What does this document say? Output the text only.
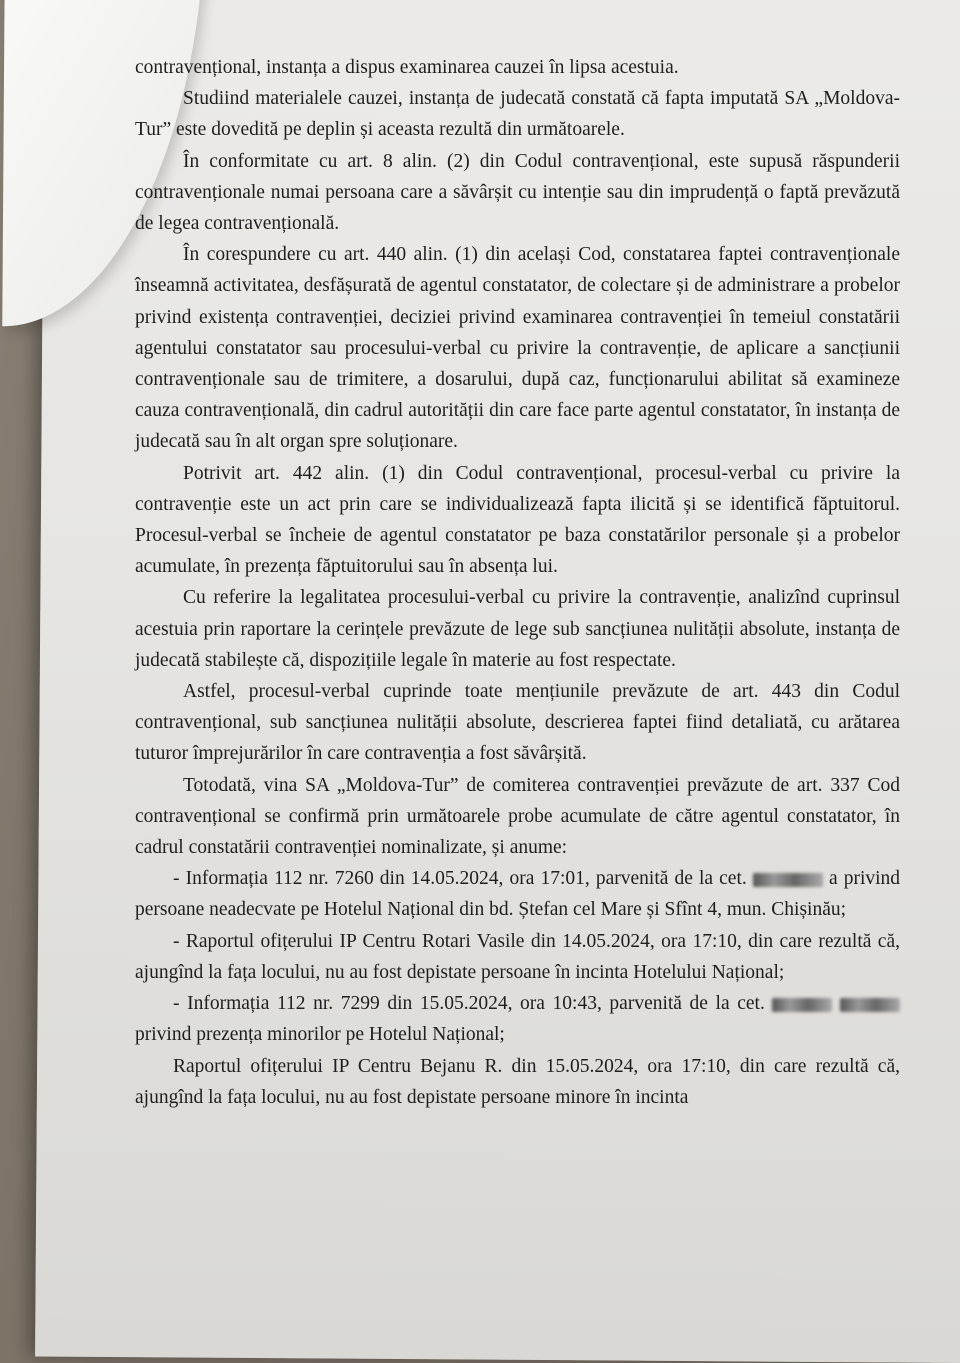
contravențional, instanța a dispus examinarea cauzei în lipsa acestuia.

Studiind materialele cauzei, instanța de judecată constată că fapta imputată SA „Moldova-Tur” este dovedită pe deplin și aceasta rezultă din următoarele.

În conformitate cu art. 8 alin. (2) din Codul contravențional, este supusă răspunderii contravenționale numai persoana care a săvârșit cu intenție sau din imprudență o faptă prevăzută de legea contravențională.

În corespundere cu art. 440 alin. (1) din același Cod, constatarea faptei contravenționale înseamnă activitatea, desfășurată de agentul constatator, de colectare și de administrare a probelor privind existența contravenției, deciziei privind examinarea contravenției în temeiul constatării agentului constatator sau procesului-verbal cu privire la contravenție, de aplicare a sancțiunii contravenționale sau de trimitere, a dosarului, după caz, funcționarului abilitat să examineze cauza contravențională, din cadrul autorității din care face parte agentul constatator, în instanța de judecată sau în alt organ spre soluționare.

Potrivit art. 442 alin. (1) din Codul contravențional, procesul-verbal cu privire la contravenție este un act prin care se individualizează fapta ilicită și se identifică făptuitorul. Procesul-verbal se încheie de agentul constatator pe baza constatărilor personale și a probelor acumulate, în prezența făptuitorului sau în absența lui.

Cu referire la legalitatea procesului-verbal cu privire la contravenție, analizînd cuprinsul acestuia prin raportare la cerințele prevăzute de lege sub sancțiunea nulității absolute, instanța de judecată stabilește că, dispozițiile legale în materie au fost respectate.

Astfel, procesul-verbal cuprinde toate mențiunile prevăzute de art. 443 din Codul contravențional, sub sancțiunea nulității absolute, descrierea faptei fiind detaliată, cu arătarea tuturor împrejurărilor în care contravenția a fost săvârșită.

Totodată, vina SA „Moldova-Tur” de comiterea contravenției prevăzute de art. 337 Cod contravențional se confirmă prin următoarele probe acumulate de către agentul constatator, în cadrul constatării contravenției nominalizate, și anume:

- Informația 112 nr. 7260 din 14.05.2024, ora 17:01, parvenită de la cet.	a privind persoane neadecvate pe Hotelul Național din bd. Ștefan cel Mare și Sfînt 4, mun. Chișinău;

- Raportul ofițerului IP Centru Rotari Vasile din 14.05.2024, ora 17:10, din care rezultă că, ajungînd la fața locului, nu au fost depistate persoane în incinta Hotelului Național;

- Informația 112 nr. 7299 din 15.05.2024, ora 10:43, parvenită de la cet.   privind prezența minorilor pe Hotelul Național;

Raportul ofițerului IP Centru Bejanu R. din 15.05.2024, ora 17:10, din care rezultă că, ajungînd la fața locului, nu au fost depistate persoane minore în incinta
